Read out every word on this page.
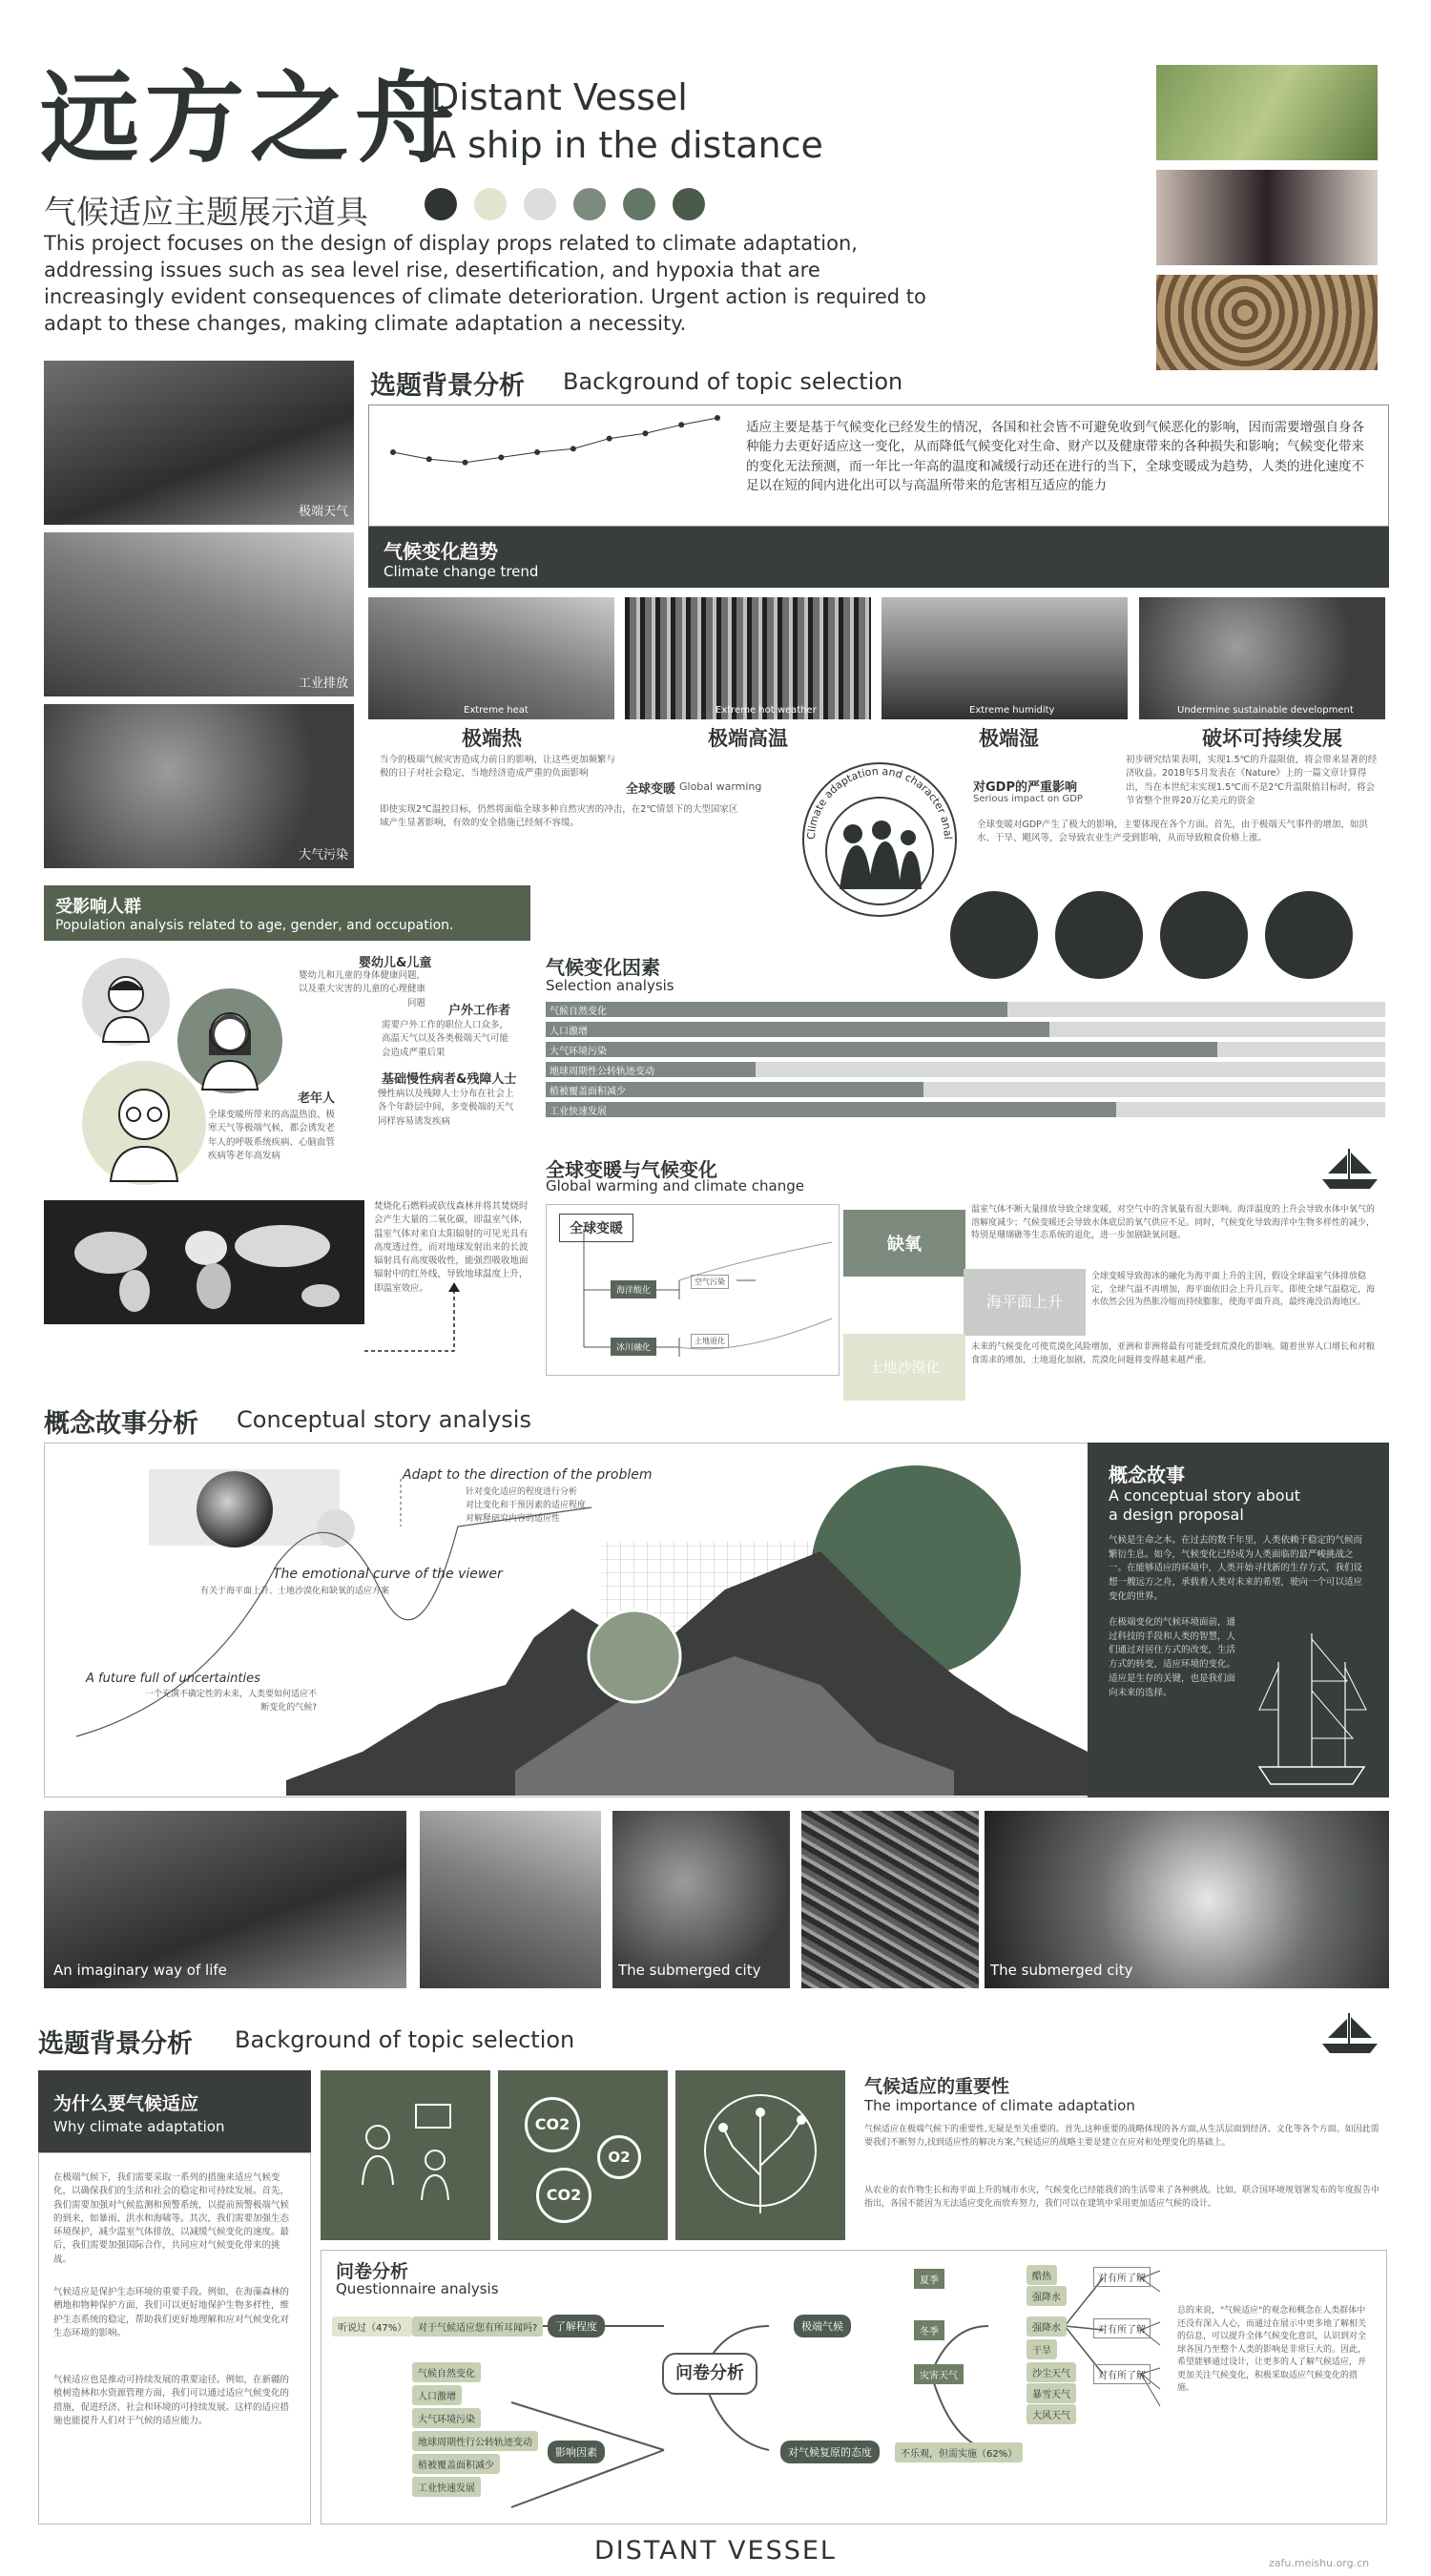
远方之舟
Distant Vessel
A ship in the distance
气候适应主题展示道具
This project focuses on the design of display props related to climate adaptation, addressing issues such as sea level rise, desertification, and hypoxia that are increasingly evident consequences of climate deterioration. Urgent action is required to adapt to these changes, making climate adaptation a necessity.
极端天气
工业排放
大气污染
选题背景分析 Background of topic selection
适应主要是基于气候变化已经发生的情况，各国和社会皆不可避免收到气候恶化的影响，因而需要增强自身各种能力去更好适应这一变化，从而降低气候变化对生命、财产以及健康带来的各种损失和影响；气候变化带来的变化无法预测，而一年比一年高的温度和减缓行动还在进行的当下，全球变暖成为趋势，人类的进化速度不足以在短的间内进化出可以与高温所带来的危害相互适应的能力
气候变化趋势
Climate change trend
Extreme heat	Extreme hot weather	Extreme humidity	Undermine sustainable development
极端热	极端高温	极端湿	破坏可持续发展
当今的极端气候灾害造成力前日的影响，让这些更加频繁与极的日子对社会稳定，当地经济造成严重的负面影响
即使实现2℃温控目标，仍然将面临全球多种自然灾害的冲击，在2℃情景下的大型国家区域产生显著影响，有效的安全措施已经刻不容缓。
全球变暖 Global warming
Climate adaptation and character anal
对GDP的严重影响
Serious impact on GDP
初步研究结果表明，实现1.5℃的升温限值，将会带来显著的经济收益。2018年5月发表在《Nature》上的一篇文章计算得出，当在本世纪末实现1.5℃而不是2℃升温限值目标时，将会节省整个世界20万亿美元的资金
全球变暖对GDP产生了极大的影响，主要体现在各个方面。首先，由于极端天气事件的增加，如洪水、干旱、飓风等，会导致农业生产受到影响，从而导致粮食价格上涨。
受影响人群
Population analysis related to age, gender, and occupation.
婴幼儿&儿童
婴幼儿和儿童的身体健康问题，以及重大灾害的儿童的心理健康问题
户外工作者
需要户外工作的职位人口众多，高温天气以及各类极端天气可能会造成严重后果
基础慢性病者&残障人士
慢性病以及残障人士分布在社会上各个年龄层中间，多变极端的天气同样容易诱发疾病
老年人
全球变暖所带来的高温热浪、极寒天气等极端气候，都会诱发老年人的呼吸系统疾病、心脑血管疾病等老年高发病
气候变化因素
Selection analysis
气候自然变化
人口激增
大气环境污染
地球周期性公转轨迹变动
植被覆盖面积减少
工业快速发展
焚烧化石燃料或砍伐森林并将其焚烧时会产生大量的二氧化碳，即温室气体，温室气体对来自太阳辐射的可见光具有高度透过性，而对地球发射出来的长波辐射具有高度吸收性，能强烈吸收地面辐射中的红外线，导致地球温度上升，即温室效应。
全球变暖与气候变化
Global warming and climate change
全球变暖
海洋酸化
冰川融化
空气污染
土地退化
缺氧
海平面上升
土地沙漠化
温室气体不断大量排放导致全球变暖，对空气中的含氧量有很大影响。海洋温度的上升会导致水体中氧气的溶解度减少；气候变暖还会导致水体底层的氧气供应不足。同时，气候变化导致海洋中生物多样性的减少，特别是珊瑚礁等生态系统的退化，进一步加剧缺氧问题。
全球变暖导致海冰的融化为海平面上升的主因，假设全球温室气体排放稳定，全球气温不再增加，海平面依旧会上升几百年。即使全球气温稳定，海水依然会因为热胀冷缩而持续膨胀，使海平面升高，最终淹没沿海地区。
未来的气候变化可使荒漠化风险增加，亚洲和非洲将最有可能受到荒漠化的影响。随着世界人口增长和对粮食需求的增加，土地退化加剧，荒漠化问题将变得越来越严重。
概念故事分析 Conceptual story analysis
Adapt to the direction of the problem
针对变化适应的程度进行分析
对比变化和干预因素的适应程度
对解释研究内容的适应性
The emotional curve of the viewer
有关于海平面上升、土地沙漠化和缺氧的适应方案
A future full of uncertainties
一个充满不确定性的未来，人类要如何适应不断变化的气候?
概念故事
A conceptual story about
a design proposal
气候是生命之本。在过去的数千年里，人类依赖于稳定的气候而繁衍生息。如今，气候变化已经成为人类面临的最严峻挑战之一。在能够适应的环境中，人类开始寻找新的生存方式，我们设想一艘远方之舟，承载着人类对未来的希望，驶向一个可以适应变化的世界。
在极端变化的气候环境面前，通过科技的手段和人类的智慧，人们通过对居住方式的改变，生活方式的转变，适应环境的变化。适应是生存的关键，也是我们面向未来的选择。
An imaginary way of life	The submerged city	The submerged city
选题背景分析 Background of topic selection
为什么要气候适应
Why climate adaptation
在极端气候下，我们需要采取一系列的措施来适应气候变化，以确保我们的生活和社会的稳定和可持续发展。首先，我们需要加强对气候监测和预警系统，以提前预警极端气候的到来，如暴雨、洪水和海啸等。其次，我们需要加强生态环境保护，减少温室气体排放，以减缓气候变化的速度。最后，我们需要加强国际合作，共同应对气候变化带来的挑战。
气候适应是保护生态环境的重要手段。例如，在海藻森林的栖地和物种保护方面，我们可以更好地保护生物多样性，维护生态系统的稳定，帮助我们更好地理解和应对气候变化对生态环境的影响。
气候适应也是推动可持续发展的重要途径。例如，在新疆的植树造林和水资源管理方面，我们可以通过适应气候变化的措施，促进经济、社会和环境的可持续发展。这样的适应措施也能提升人们对于气候的适应能力。
CO2
O2
CO2
气候适应的重要性
The importance of climate adaptation
气候适应在极端气候下的重要性,无疑是至关重要的。首先,这种重要的战略体现的各方面,从生活层面到经济、文化等各个方面。如因此需要我们不断努力,找到适应性的解决方案,气候适应的战略主要是建立在应对和处理变化的基础上。
从农业的农作物生长和海平面上升的城市水灾，气候变化已经能我们的生活带来了各种挑战。比如，联合国环境规划署发布的年度报告中指出，各国不能因为无法适应变化而放弃努力，我们可以在建筑中采用更加适应气候的设计。
问卷分析
Questionnaire analysis
问卷分析
了解程度
对于气候适应您有所耳闻吗?
听说过（47%）
影响因素
气候自然变化
人口激增
大气环境污染
地球周期性行公转轨迹变动
植被覆盖面积减少
工业快速发展
极端气候
夏季
冬季
灾害天气
酷热
强降水
强降水
干旱
沙尘天气
暴雪天气
大风天气
对有所了解
对有所了解
对有所了解
对气候复原的态度	不乐观，但需实施（62%）
总的来说，"气候适应"的观念和概念在人类群体中还没有深入人心，而通过在展示中更多地了解相关的信息，可以提升全体气候变化意识，认识到对全球各国乃至整个人类的影响是非常巨大的。因此，希望能够通过设计，让更多的人了解气候适应，并更加关注气候变化，积极采取适应气候变化的措施。
DISTANT VESSEL	zafu.meishu.org.cn
